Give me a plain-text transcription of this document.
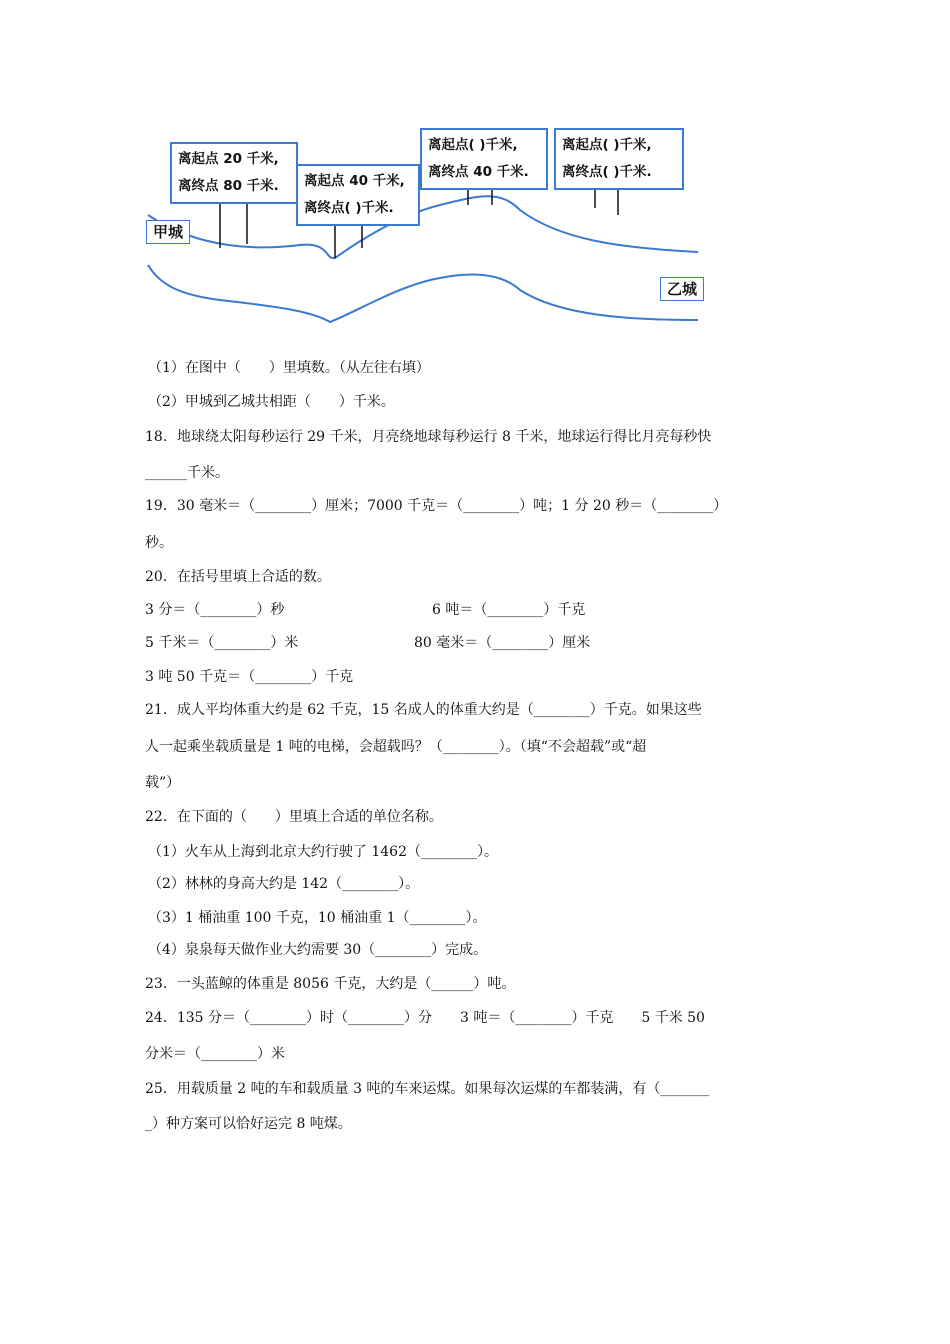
离起点 20 千米,
离终点 80 千米.	离起点 40 千米,
离终点( )千米.
离起点( )千米,
离终点 40 千米.
离起点( )千米,
离终点( )千米.
甲城
乙城
（1）在图中（　　）里填数。（从左往右填）
（2）甲城到乙城共相距（　　）千米。
18．地球绕太阳每秒运行 29 千米，月亮绕地球每秒运行 8 千米，地球运行得比月亮每秒快
______千米。
19．30 毫米＝（________）厘米；7000 千克＝（________）吨；1 分 20 秒＝（________）
秒。
20．在括号里填上合适的数。
3 分＝（________）秒	6 吨＝（________）千克
5 千米＝（________）米	80 毫米＝（________）厘米
3 吨 50 千克＝（________）千克
21．成人平均体重大约是 62 千克，15 名成人的体重大约是（________）千克。如果这些
人一起乘坐载质量是 1 吨的电梯，会超载吗？（________）。（填“不会超载”或“超
载”）
22．在下面的（　　）里填上合适的单位名称。
（1）火车从上海到北京大约行驶了 1462（________）。
（2）林林的身高大约是 142（________）。
（3）1 桶油重 100 千克，10 桶油重 1（________）。
（4）泉泉每天做作业大约需要 30（________）完成。
23．一头蓝鲸的体重是 8056 千克，大约是（______）吨。
24．135 分＝（________）时（________）分　　3 吨＝（________）千克　　5 千米 50
分米＝（________）米
25．用载质量 2 吨的车和载质量 3 吨的车来运煤。如果每次运煤的车都装满，有（_______
_）种方案可以恰好运完 8 吨煤。
